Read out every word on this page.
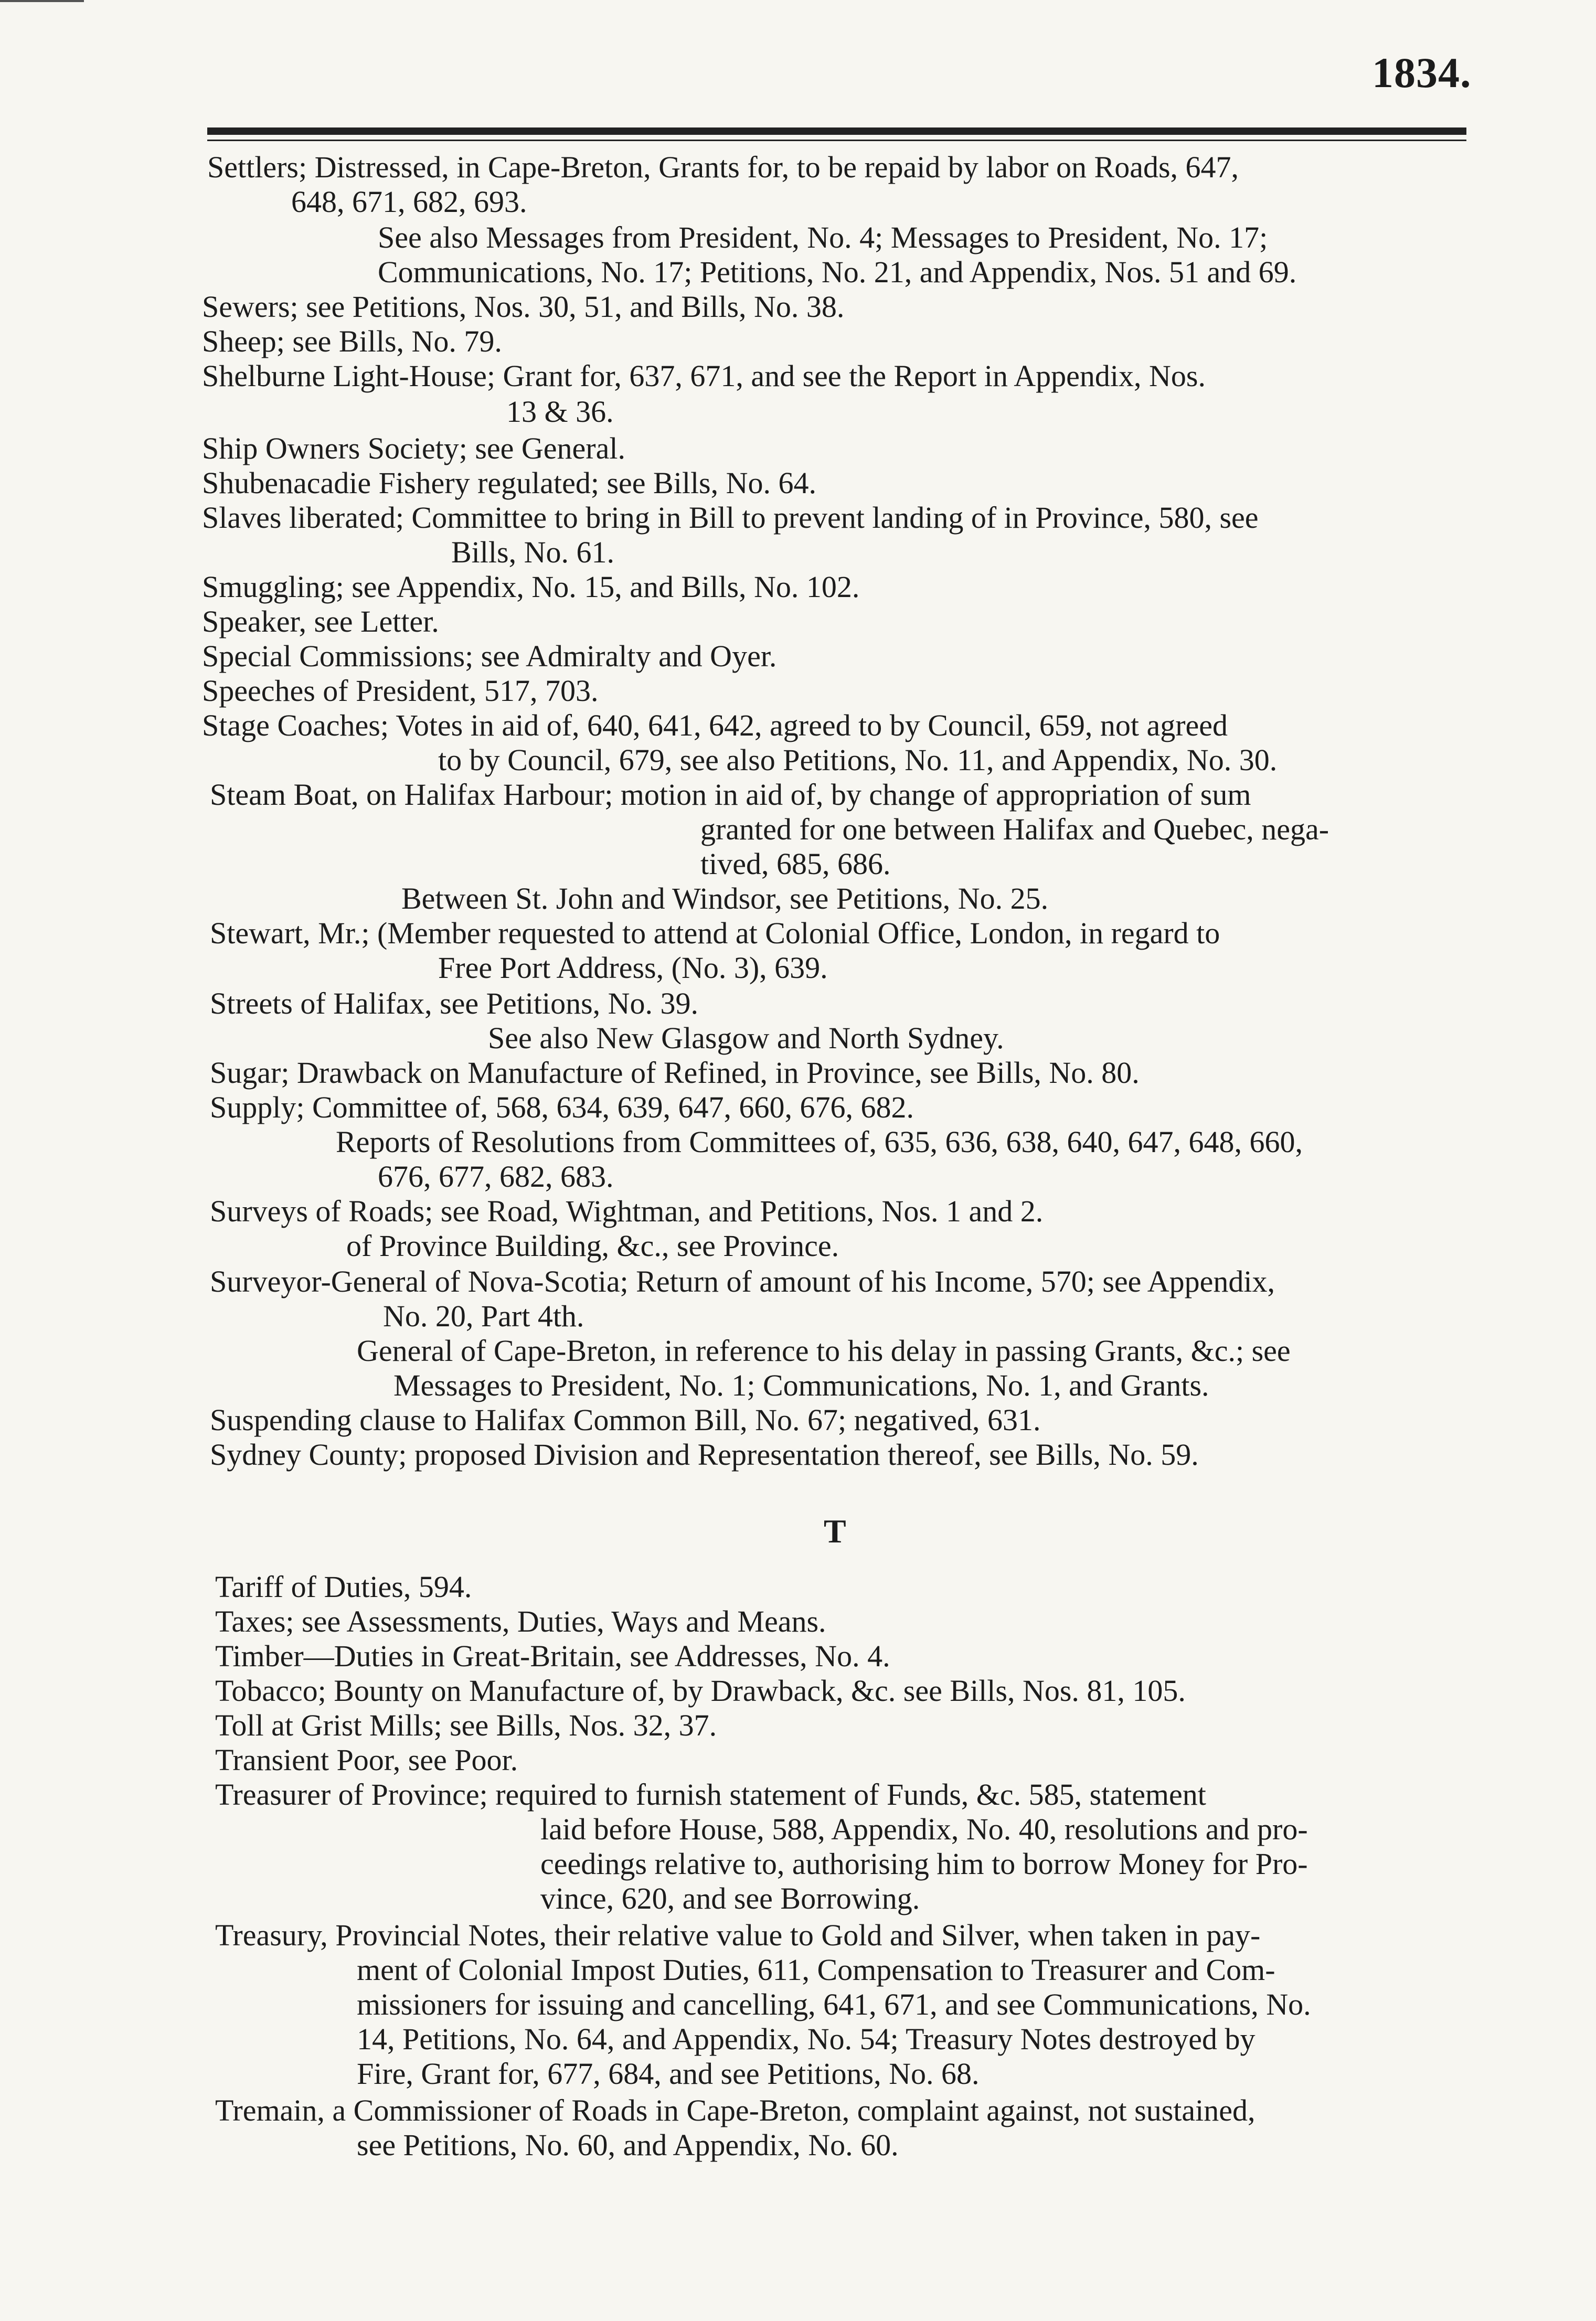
1834.
Settlers; Distressed, in Cape-Breton, Grants for, to be repaid by labor on Roads, 647,
648, 671, 682, 693.
See also Messages from President, No. 4; Messages to President, No. 17;
Communications, No. 17; Petitions, No. 21, and Appendix, Nos. 51 and 69.
Sewers; see Petitions, Nos. 30, 51, and Bills, No. 38.
Sheep; see Bills, No. 79.
Shelburne Light-House; Grant for, 637, 671, and see the Report in Appendix, Nos.
13 & 36.
Ship Owners Society; see General.
Shubenacadie Fishery regulated; see Bills, No. 64.
Slaves liberated; Committee to bring in Bill to prevent landing of in Province, 580, see
Bills, No. 61.
Smuggling; see Appendix, No. 15, and Bills, No. 102.
Speaker, see Letter.
Special Commissions; see Admiralty and Oyer.
Speeches of President, 517, 703.
Stage Coaches; Votes in aid of, 640, 641, 642, agreed to by Council, 659, not agreed
to by Council, 679, see also Petitions, No. 11, and Appendix, No. 30.
Steam Boat, on Halifax Harbour; motion in aid of, by change of appropriation of sum
granted for one between Halifax and Quebec, nega-
tived, 685, 686.
Between St. John and Windsor, see Petitions, No. 25.
Stewart, Mr.; (Member requested to attend at Colonial Office, London, in regard to
Free Port Address, (No. 3), 639.
Streets of Halifax, see Petitions, No. 39.
See also New Glasgow and North Sydney.
Sugar; Drawback on Manufacture of Refined, in Province, see Bills, No. 80.
Supply; Committee of, 568, 634, 639, 647, 660, 676, 682.
Reports of Resolutions from Committees of, 635, 636, 638, 640, 647, 648, 660,
676, 677, 682, 683.
Surveys of Roads; see Road, Wightman, and Petitions, Nos. 1 and 2.
of Province Building, &c., see Province.
Surveyor-General of Nova-Scotia; Return of amount of his Income, 570; see Appendix,
No. 20, Part 4th.
General of Cape-Breton, in reference to his delay in passing Grants, &c.; see
Messages to President, No. 1; Communications, No. 1, and Grants.
Suspending clause to Halifax Common Bill, No. 67; negatived, 631.
Sydney County; proposed Division and Representation thereof, see Bills, No. 59.
T
Tariff of Duties, 594.
Taxes; see Assessments, Duties, Ways and Means.
Timber—Duties in Great-Britain, see Addresses, No. 4.
Tobacco; Bounty on Manufacture of, by Drawback, &c. see Bills, Nos. 81, 105.
Toll at Grist Mills; see Bills, Nos. 32, 37.
Transient Poor, see Poor.
Treasurer of Province; required to furnish statement of Funds, &c. 585, statement
laid before House, 588, Appendix, No. 40, resolutions and pro-
ceedings relative to, authorising him to borrow Money for Pro-
vince, 620, and see Borrowing.
Treasury, Provincial Notes, their relative value to Gold and Silver, when taken in pay-
ment of Colonial Impost Duties, 611, Compensation to Treasurer and Com-
missioners for issuing and cancelling, 641, 671, and see Communications, No.
14, Petitions, No. 64, and Appendix, No. 54; Treasury Notes destroyed by
Fire, Grant for, 677, 684, and see Petitions, No. 68.
Tremain, a Commissioner of Roads in Cape-Breton, complaint against, not sustained,
see Petitions, No. 60, and Appendix, No. 60.
